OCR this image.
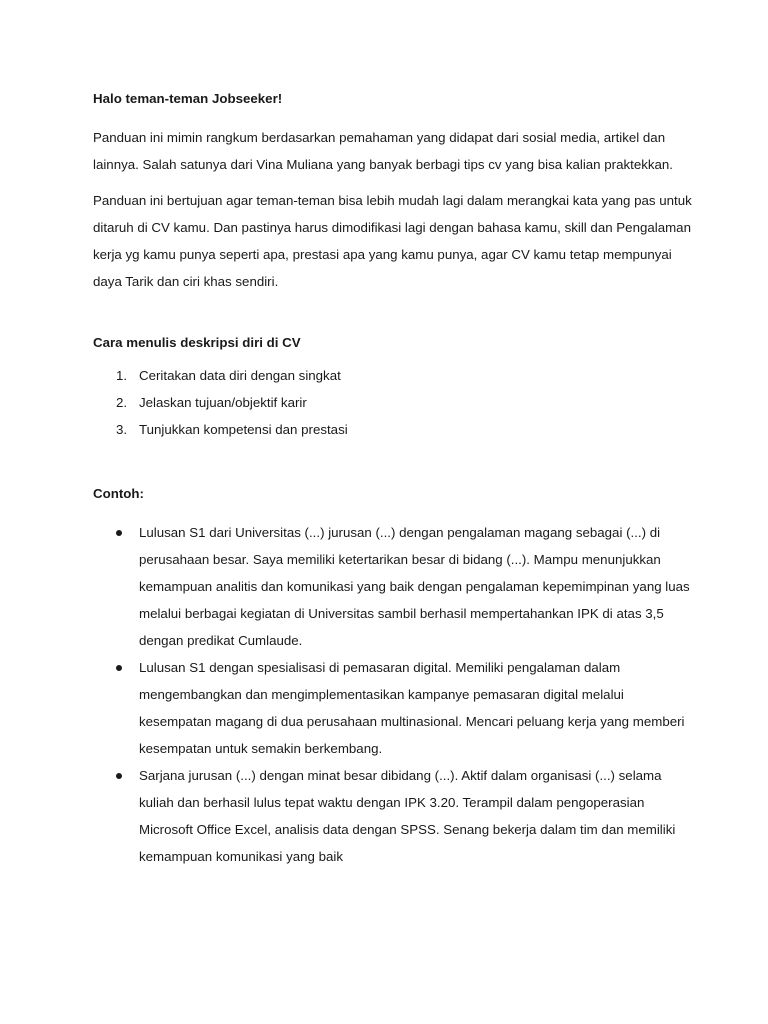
Halo teman-teman Jobseeker!

Panduan ini mimin rangkum berdasarkan pemahaman yang didapat dari sosial media, artikel dan lainnya. Salah satunya dari Vina Muliana yang banyak berbagi tips cv yang bisa kalian praktekkan.

Panduan ini bertujuan agar teman-teman bisa lebih mudah lagi dalam merangkai kata yang pas untuk ditaruh di CV kamu. Dan pastinya harus dimodifikasi lagi dengan bahasa kamu, skill dan Pengalaman kerja yg kamu punya seperti apa, prestasi apa yang kamu punya, agar CV kamu tetap mempunyai daya Tarik dan ciri khas sendiri.

Cara menulis deskripsi diri di CV

1. Ceritakan data diri dengan singkat
2. Jelaskan tujuan/objektif karir
3. Tunjukkan kompetensi dan prestasi

Contoh:

Lulusan S1 dari Universitas (...) jurusan (...) dengan pengalaman magang sebagai (...) di perusahaan besar. Saya memiliki ketertarikan besar di bidang (...). Mampu menunjukkan kemampuan analitis dan komunikasi yang baik dengan pengalaman kepemimpinan yang luas melalui berbagai kegiatan di Universitas sambil berhasil mempertahankan IPK di atas 3,5 dengan predikat Cumlaude.
Lulusan S1 dengan spesialisasi di pemasaran digital. Memiliki pengalaman dalam mengembangkan dan mengimplementasikan kampanye pemasaran digital melalui kesempatan magang di dua perusahaan multinasional. Mencari peluang kerja yang memberi kesempatan untuk semakin berkembang.
Sarjana jurusan (...) dengan minat besar dibidang (...). Aktif dalam organisasi (...) selama kuliah dan berhasil lulus tepat waktu dengan IPK 3.20. Terampil dalam pengoperasian Microsoft Office Excel, analisis data dengan SPSS. Senang bekerja dalam tim dan memiliki kemampuan komunikasi yang baik
